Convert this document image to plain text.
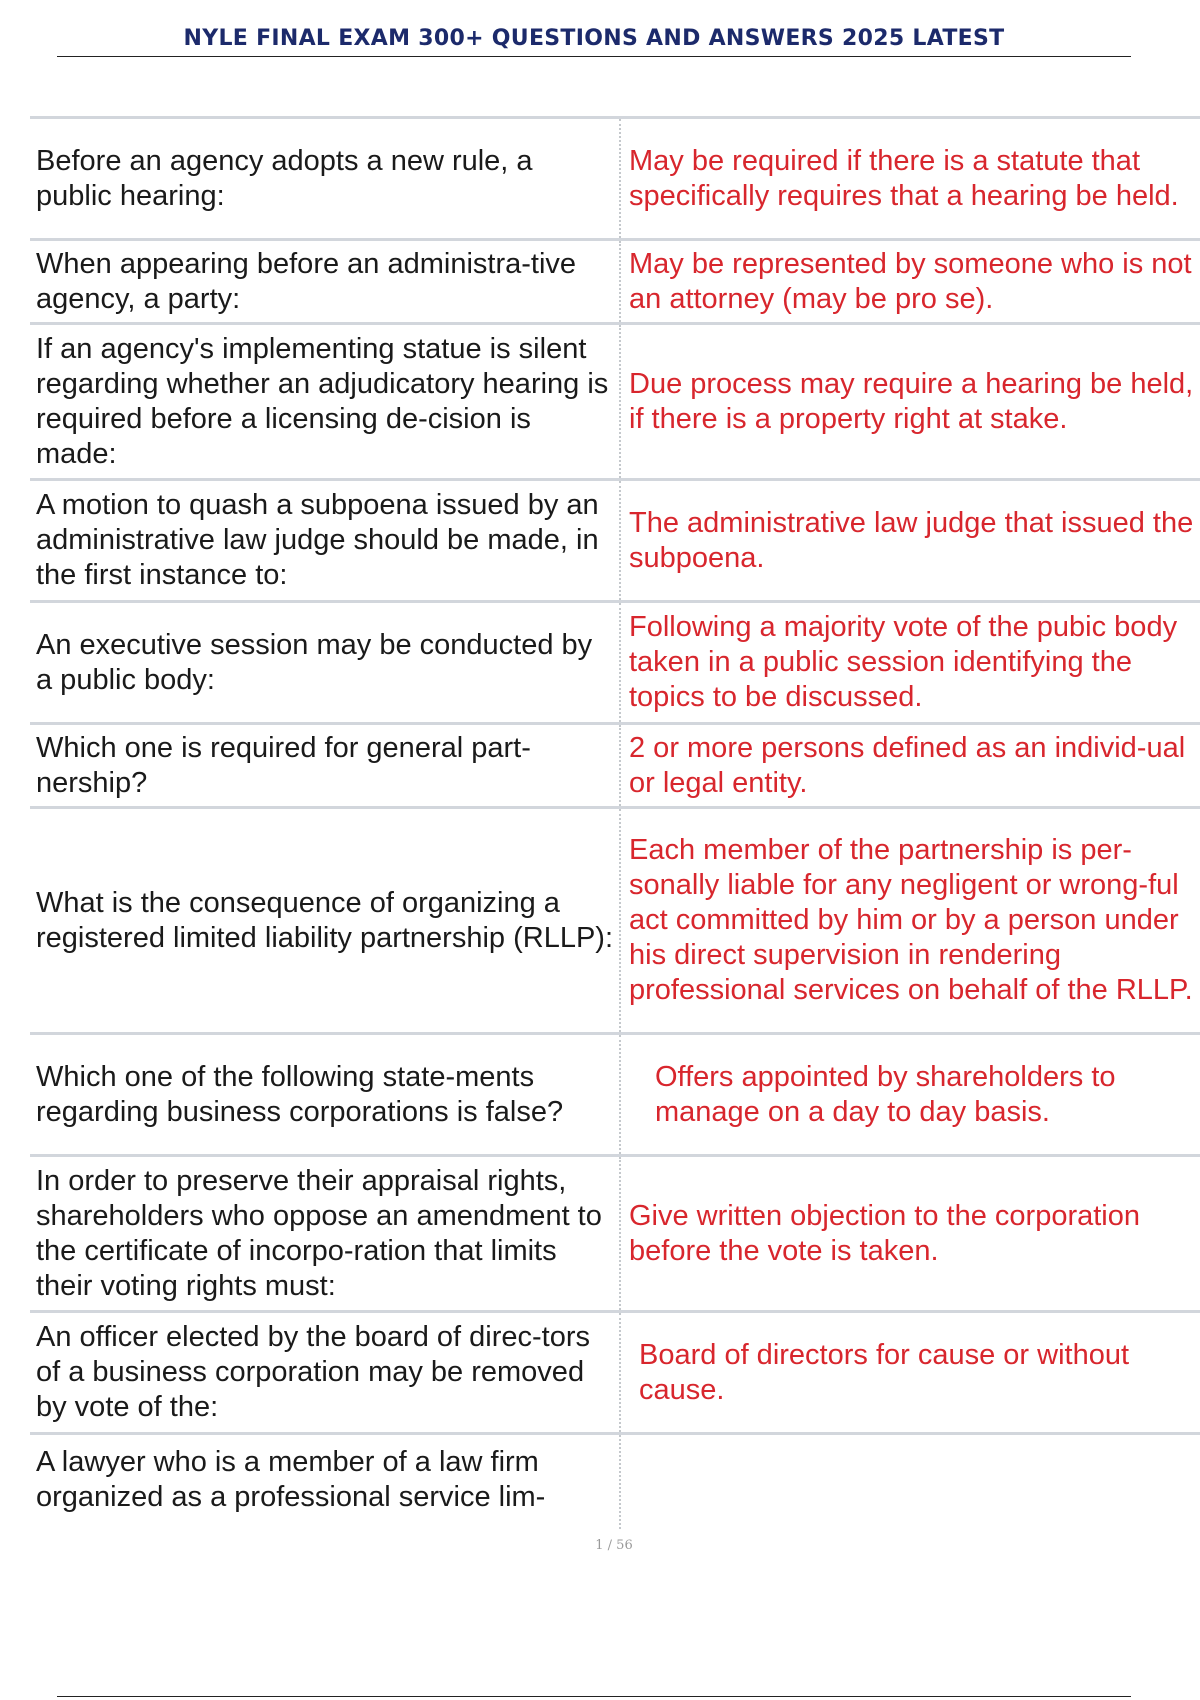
NYLE FINAL EXAM 300+ QUESTIONS AND ANSWERS 2025 LATEST
Before an agency adopts a new rule, a public hearing:	May be required if there is a statute that specifically requires that a hearing be held.
When appearing before an administra-tive agency, a party:	May be represented by someone who is not an attorney (may be pro se).
If an agency's implementing statue is silent regarding whether an adjudicatory hearing is required before a licensing de-cision is made:	Due process may require a hearing be held, if there is a property right at stake.
A motion to quash a subpoena issued by an administrative law judge should be made, in the first instance to:	The administrative law judge that issued the subpoena.
An executive session may be conducted by a public body:	Following a majority vote of the pubic body taken in a public session identifying the topics to be discussed.
Which one is required for general part-nership?	2 or more persons defined as an individ-ual or legal entity.
What is the consequence of organizing a registered limited liability partnership (RLLP):	Each member of the partnership is per-sonally liable for any negligent or wrong-ful act committed by him or by a person under his direct supervision in rendering professional services on behalf of the RLLP.
Which one of the following state-ments regarding business corporations is false?	Offers appointed by shareholders to manage on a day to day basis.
In order to preserve their appraisal rights, shareholders who oppose an amendment to the certificate of incorpo-ration that limits their voting rights must:	Give written objection to the corporation before the vote is taken.
An officer elected by the board of direc-tors of a business corporation may be removed by vote of the:	Board of directors for cause or without cause.
A lawyer who is a member of a law firm organized as a professional service lim-	
1 / 56
